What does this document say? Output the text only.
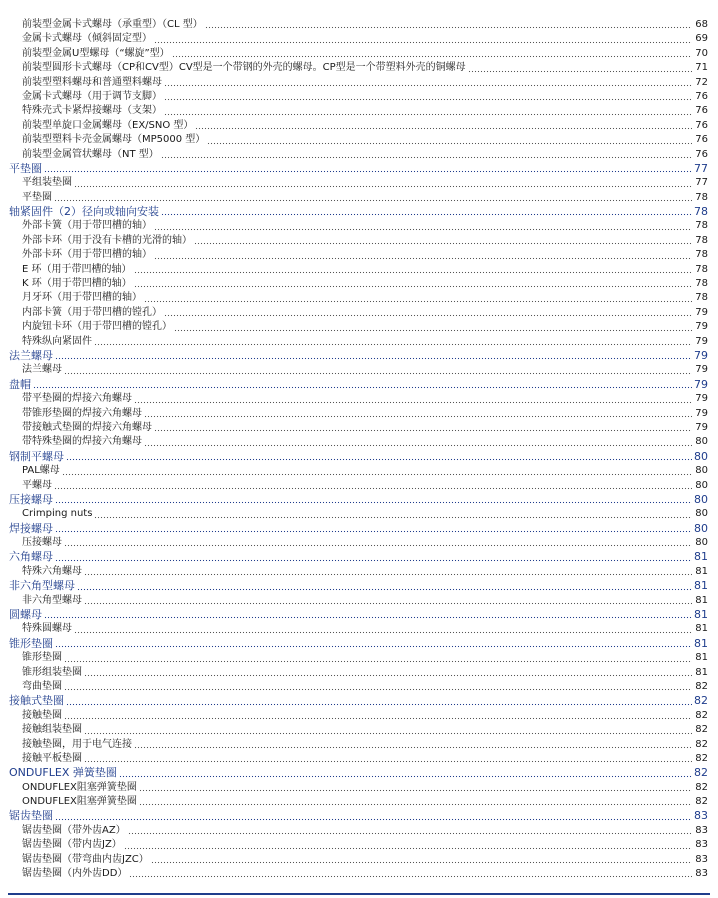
前装型金属卡式螺母（承重型）（CL 型）	68
金属卡式螺母（倾斜固定型）	69
前装型金属U型螺母（“螺旋”型）	70
前装型圆形卡式螺母（CP和CV型）CV型是一个带钢的外壳的螺母。CP型是一个带塑料外壳的铜螺母	71
前装型塑料螺母和普通塑料螺母	72
金属卡式螺母（用于调节支脚）	76
特殊壳式卡紧焊接螺母（支架）	76
前装型单旋口金属螺母（EX/SNO 型）	76
前装型塑料卡壳金属螺母（MP5000 型）	76
前装型金属管状螺母（NT 型）	76
平垫圈	77
平组装垫圈	77
平垫圈	78
轴紧固件（2）径向或轴向安装	78
外部卡簧（用于带凹槽的轴）	78
外部卡环（用于没有卡槽的光滑的轴）	78
外部卡环（用于带凹槽的轴）	78
E 环（用于带凹槽的轴）	78
K 环（用于带凹槽的轴）	78
月牙环（用于带凹槽的轴）	78
内部卡簧（用于带凹槽的镗孔）	79
内旋钮卡环（用于带凹槽的镗孔）	79
特殊纵向紧固件	79
法兰螺母	79
法兰螺母	79
盘帽	79
带平垫圈的焊接六角螺母	79
带锥形垫圈的焊接六角螺母	79
带接触式垫圈的焊接六角螺母	79
带特殊垫圈的焊接六角螺母	80
钢制平螺母	80
PAL螺母	80
平螺母	80
压接螺母	80
Crimping nuts	80
焊接螺母	80
压接螺母	80
六角螺母	81
特殊六角螺母	81
非六角型螺母	81
非六角型螺母	81
圆螺母	81
特殊圆螺母	81
锥形垫圈	81
锥形垫圈	81
锥形组装垫圈	81
弯曲垫圈	82
接触式垫圈	82
接触垫圈	82
接触组装垫圈	82
接触垫圈，用于电气连接	82
接触平板垫圈	82
ONDUFLEX 弹簧垫圈	82
ONDUFLEX阻塞弹簧垫圈	82
ONDUFLEX阻塞弹簧垫圈	82
锯齿垫圈	83
锯齿垫圈（带外齿AZ）	83
锯齿垫圈（带内齿JZ）	83
锯齿垫圈（带弯曲内齿JZC）	83
锯齿垫圈（内外齿DD）	83
